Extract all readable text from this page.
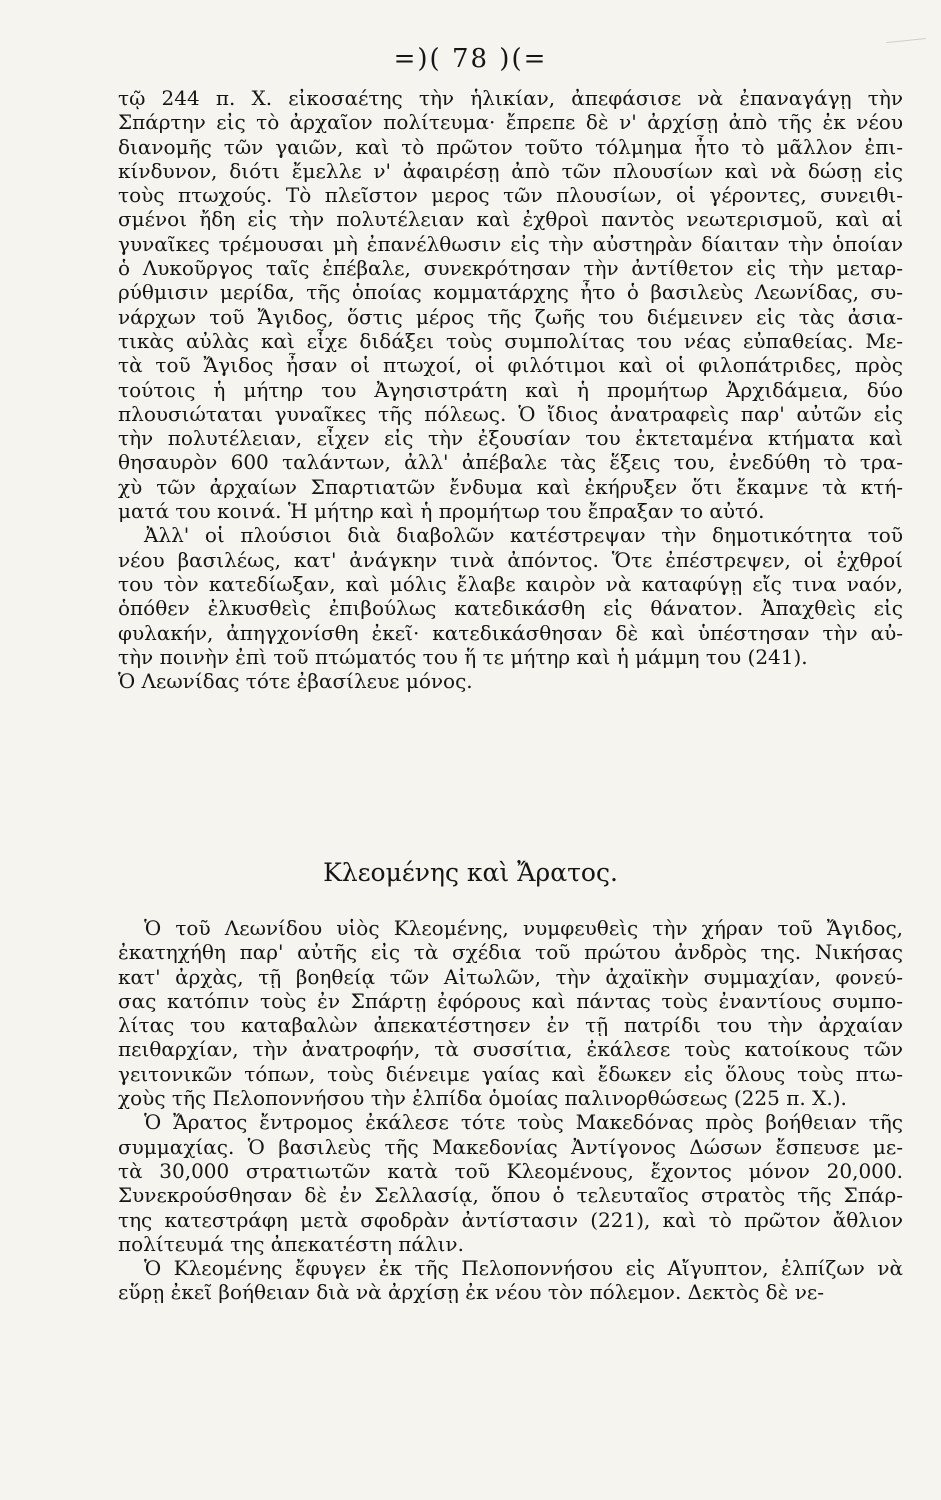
=)( 78 )(=
τῷ 244 π. Χ. εἰκοσαέτης τὴν ἡλικίαν, ἀπεφάσισε νὰ ἐπαναγάγῃ τὴν
Σπάρτην εἰς τὸ ἀρχαῖον πολίτευμα· ἔπρεπε δὲ ν' ἀρχίσῃ ἀπὸ τῆς ἐκ νέου
διανομῆς τῶν γαιῶν, καὶ τὸ πρῶτον τοῦτο τόλμημα ἦτο τὸ μᾶλλον ἐπι-
κίνδυνον, διότι ἔμελλε ν' ἀφαιρέσῃ ἀπὸ τῶν πλουσίων καὶ νὰ δώσῃ εἰς
τοὺς πτωχούς. Τὸ πλεῖστον μερος τῶν πλουσίων, οἱ γέροντες, συνειθι-
σμένοι ἤδη εἰς τὴν πολυτέλειαν καὶ ἐχθροὶ παντὸς νεωτερισμοῦ, καὶ αἱ
γυναῖκες τρέμουσαι μὴ ἐπανέλθωσιν εἰς τὴν αὐστηρὰν δίαιταν τὴν ὁποίαν
ὁ Λυκοῦργος ταῖς ἐπέβαλε, συνεκρότησαν τὴν ἀντίθετον εἰς τὴν μεταρ-
ρύθμισιν μερίδα, τῆς ὁποίας κομματάρχης ἦτο ὁ βασιλεὺς Λεωνίδας, συ-
νάρχων τοῦ Ἄγιδος, ὅστις μέρος τῆς ζωῆς του διέμεινεν εἰς τὰς ἀσια-
τικὰς αὐλὰς καὶ εἶχε διδάξει τοὺς συμπολίτας του νέας εὐπαθείας. Με-
τὰ τοῦ Ἄγιδος ἦσαν οἱ πτωχοί, οἱ φιλότιμοι καὶ οἱ φιλοπάτριδες, πρὸς
τούτοις ἡ μήτηρ του Ἀγησιστράτη καὶ ἡ προμήτωρ Ἀρχιδάμεια, δύο
πλουσιώταται γυναῖκες τῆς πόλεως. Ὁ ἴδιος ἀνατραφεὶς παρ' αὐτῶν εἰς
τὴν πολυτέλειαν, εἶχεν εἰς τὴν ἐξουσίαν του ἐκτεταμένα κτήματα καὶ
θησαυρὸν 600 ταλάντων, ἀλλ' ἀπέβαλε τὰς ἕξεις του, ἐνεδύθη τὸ τρα-
χὺ τῶν ἀρχαίων Σπαρτιατῶν ἔνδυμα καὶ ἐκήρυξεν ὅτι ἔκαμνε τὰ κτή-
ματά του κοινά. Ἡ μήτηρ καὶ ἡ προμήτωρ του ἔπραξαν το αὐτό.
Ἀλλ' οἱ πλούσιοι διὰ διαβολῶν κατέστρεψαν τὴν δημοτικότητα τοῦ
νέου βασιλέως, κατ' ἀνάγκην τινὰ ἀπόντος. Ὅτε ἐπέστρεψεν, οἱ ἐχθροί
του τὸν κατεδίωξαν, καὶ μόλις ἔλαβε καιρὸν νὰ καταφύγῃ εἴς τινα ναόν,
ὁπόθεν ἑλκυσθεὶς ἐπιβούλως κατεδικάσθη εἰς θάνατον. Ἀπαχθεὶς εἰς
φυλακήν, ἀπηγχονίσθη ἐκεῖ· κατεδικάσθησαν δὲ καὶ ὑπέστησαν τὴν αὐ-
τὴν ποινὴν ἐπὶ τοῦ πτώματός του ἥ τε μήτηρ καὶ ἡ μάμμη του (241).
Ὁ Λεωνίδας τότε ἐβασίλευε μόνος.
Κλεομένης καὶ Ἄρατος.
Ὁ τοῦ Λεωνίδου υἱὸς Κλεομένης, νυμφευθεὶς τὴν χήραν τοῦ Ἄγιδος,
ἐκατηχήθη παρ' αὐτῆς εἰς τὰ σχέδια τοῦ πρώτου ἀνδρὸς της. Νικήσας
κατ' ἀρχὰς, τῇ βοηθείᾳ τῶν Αἰτωλῶν, τὴν ἀχαϊκὴν συμμαχίαν, φονεύ-
σας κατόπιν τοὺς ἐν Σπάρτῃ ἐφόρους καὶ πάντας τοὺς ἐναντίους συμπο-
λίτας του καταβαλὼν ἀπεκατέστησεν ἐν τῇ πατρίδι του τὴν ἀρχαίαν
πειθαρχίαν, τὴν ἀνατροφήν, τὰ συσσίτια, ἐκάλεσε τοὺς κατοίκους τῶν
γειτονικῶν τόπων, τοὺς διένειμε γαίας καὶ ἔδωκεν εἰς ὅλους τοὺς πτω-
χοὺς τῆς Πελοποννήσου τὴν ἐλπίδα ὁμοίας παλινορθώσεως (225 π. Χ.).
Ὁ Ἄρατος ἔντρομος ἐκάλεσε τότε τοὺς Μακεδόνας πρὸς βοήθειαν τῆς
συμμαχίας. Ὁ βασιλεὺς τῆς Μακεδονίας Ἀντίγονος Δώσων ἔσπευσε με-
τὰ 30,000 στρατιωτῶν κατὰ τοῦ Κλεομένους, ἔχοντος μόνον 20,000.
Συνεκρούσθησαν δὲ ἐν Σελλασίᾳ, ὅπου ὁ τελευταῖος στρατὸς τῆς Σπάρ-
της κατεστράφη μετὰ σφοδρὰν ἀντίστασιν (221), καὶ τὸ πρῶτον ἄθλιον
πολίτευμά της ἀπεκατέστη πάλιν.
Ὁ Κλεομένης ἔφυγεν ἐκ τῆς Πελοποννήσου εἰς Αἴγυπτον, ἐλπίζων νὰ
εὕρῃ ἐκεῖ βοήθειαν διὰ νὰ ἀρχίσῃ ἐκ νέου τὸν πόλεμον. Δεκτὸς δὲ νε-
